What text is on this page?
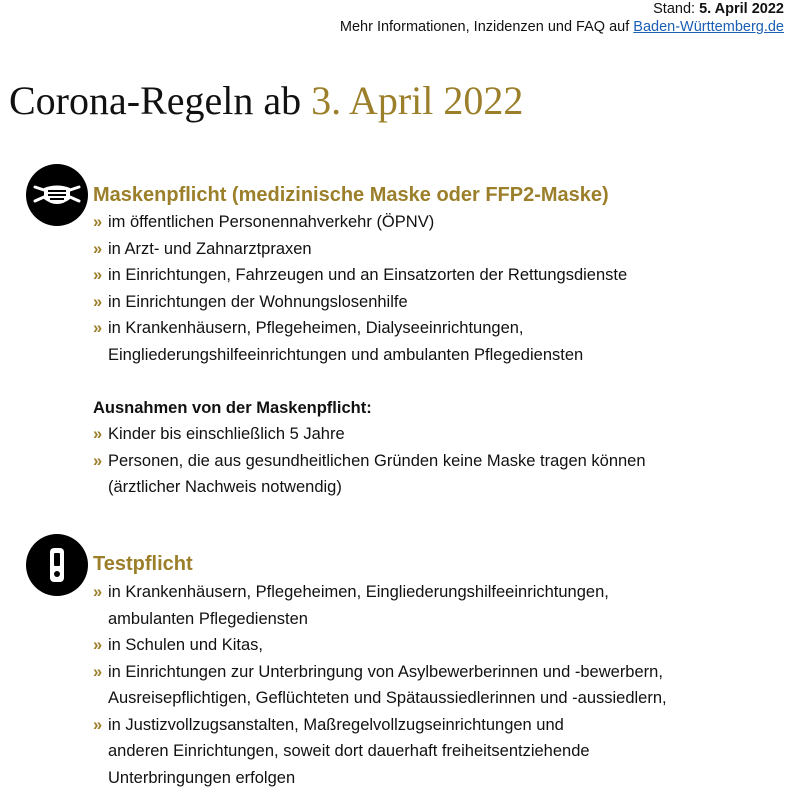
Stand: 5. April 2022
Mehr Informationen, Inzidenzen und FAQ auf Baden-Württemberg.de
Corona-Regeln ab 3. April 2022
Maskenpflicht (medizinische Maske oder FFP2-Maske)
» im öffentlichen Personennahverkehr (ÖPNV)
» in Arzt- und Zahnarztpraxen
» in Einrichtungen, Fahrzeugen und an Einsatzorten der Rettungsdienste
» in Einrichtungen der Wohnungslosenhilfe
» in Krankenhäusern, Pflegeheimen, Dialyseeinrichtungen,
Eingliederungshilfeeinrichtungen und ambulanten Pflegediensten
Ausnahmen von der Maskenpflicht:
» Kinder bis einschließlich 5 Jahre
» Personen, die aus gesundheitlichen Gründen keine Maske tragen können
(ärztlicher Nachweis notwendig)
Testpflicht
» in Krankenhäusern, Pflegeheimen, Eingliederungshilfeeinrichtungen,
ambulanten Pflegediensten
» in Schulen und Kitas,
» in Einrichtungen zur Unterbringung von Asylbewerberinnen und -bewerbern,
Ausreisepflichtigen, Geflüchteten und Spätaussiedlerinnen und -aussiedlern,
» in Justizvollzugsanstalten, Maßregelvollzugseinrichtungen und
anderen Einrichtungen, soweit dort dauerhaft freiheitsentziehende
Unterbringungen erfolgen
